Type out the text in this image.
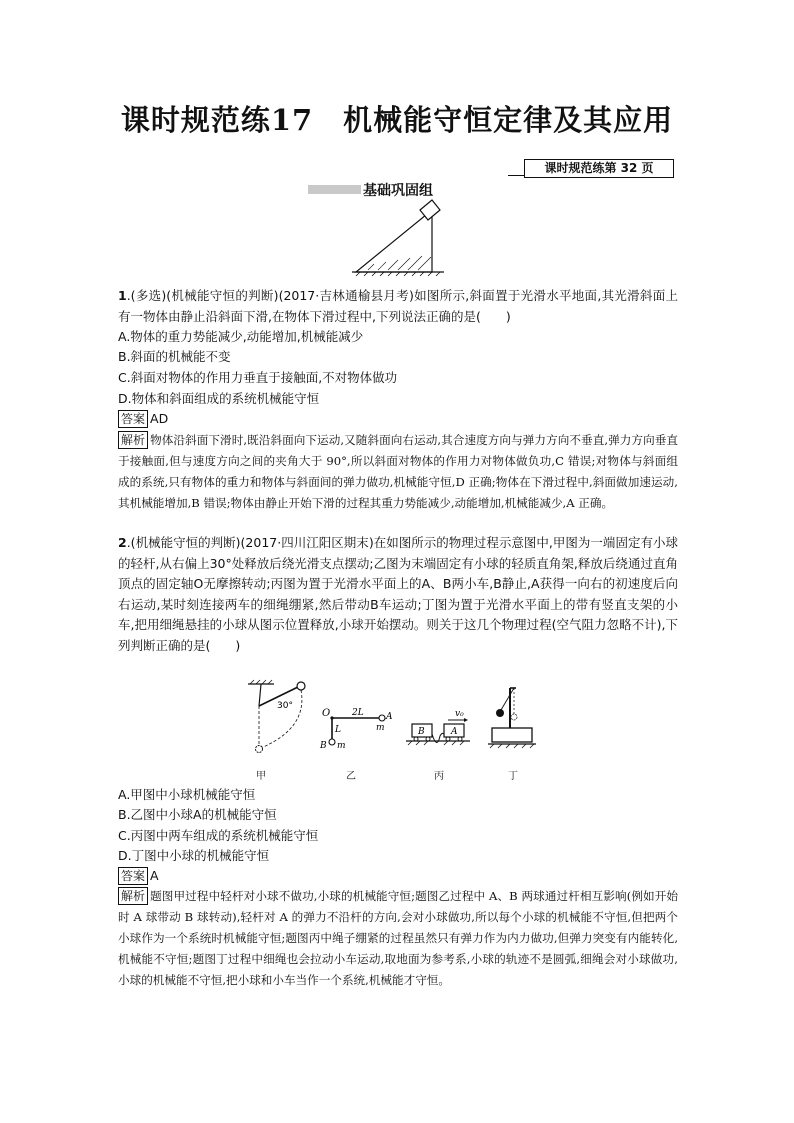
课时规范练17　机械能守恒定律及其应用
课时规范练第 32 页
基础巩固组
1.(多选)(机械能守恒的判断)(2017·吉林通榆县月考)如图所示,斜面置于光滑水平地面,其光滑斜面上有一物体由静止沿斜面下滑,在物体下滑过程中,下列说法正确的是(　　)
A.物体的重力势能减少,动能增加,机械能减少
B.斜面的机械能不变
C.斜面对物体的作用力垂直于接触面,不对物体做功
D.物体和斜面组成的系统机械能守恒
答案 AD
解析 物体沿斜面下滑时,既沿斜面向下运动,又随斜面向右运动,其合速度方向与弹力方向不垂直,弹力方向垂直于接触面,但与速度方向之间的夹角大于 90°,所以斜面对物体的作用力对物体做负功,C 错误;对物体与斜面组成的系统,只有物体的重力和物体与斜面间的弹力做功,机械能守恒,D 正确;物体在下滑过程中,斜面做加速运动,其机械能增加,B 错误;物体由静止开始下滑的过程其重力势能减少,动能增加,机械能减少,A 正确。
2.(机械能守恒的判断)(2017·四川江阳区期末)在如图所示的物理过程示意图中,甲图为一端固定有小球的轻杆,从右偏上30°处释放后绕光滑支点摆动;乙图为末端固定有小球的轻质直角架,释放后绕通过直角顶点的固定轴O无摩擦转动;丙图为置于光滑水平面上的A、B两小车,B静止,A获得一向右的初速度后向右运动,某时刻连接两车的细绳绷紧,然后带动B车运动;丁图为置于光滑水平面上的带有竖直支架的小车,把用细绳悬挂的小球从图示位置释放,小球开始摆动。则关于这几个物理过程(空气阻力忽略不计),下列判断正确的是(　　)
30°
O 2L A
m
L
B m
v₀
B	A
甲	乙	丙	丁
A.甲图中小球机械能守恒
B.乙图中小球A的机械能守恒
C.丙图中两车组成的系统机械能守恒
D.丁图中小球的机械能守恒
答案 A
解析 题图甲过程中轻杆对小球不做功,小球的机械能守恒;题图乙过程中 A、B 两球通过杆相互影响(例如开始时 A 球带动 B 球转动),轻杆对 A 的弹力不沿杆的方向,会对小球做功,所以每个小球的机械能不守恒,但把两个小球作为一个系统时机械能守恒;题图丙中绳子绷紧的过程虽然只有弹力作为内力做功,但弹力突变有内能转化,机械能不守恒;题图丁过程中细绳也会拉动小车运动,取地面为参考系,小球的轨迹不是圆弧,细绳会对小球做功,小球的机械能不守恒,把小球和小车当作一个系统,机械能才守恒。
